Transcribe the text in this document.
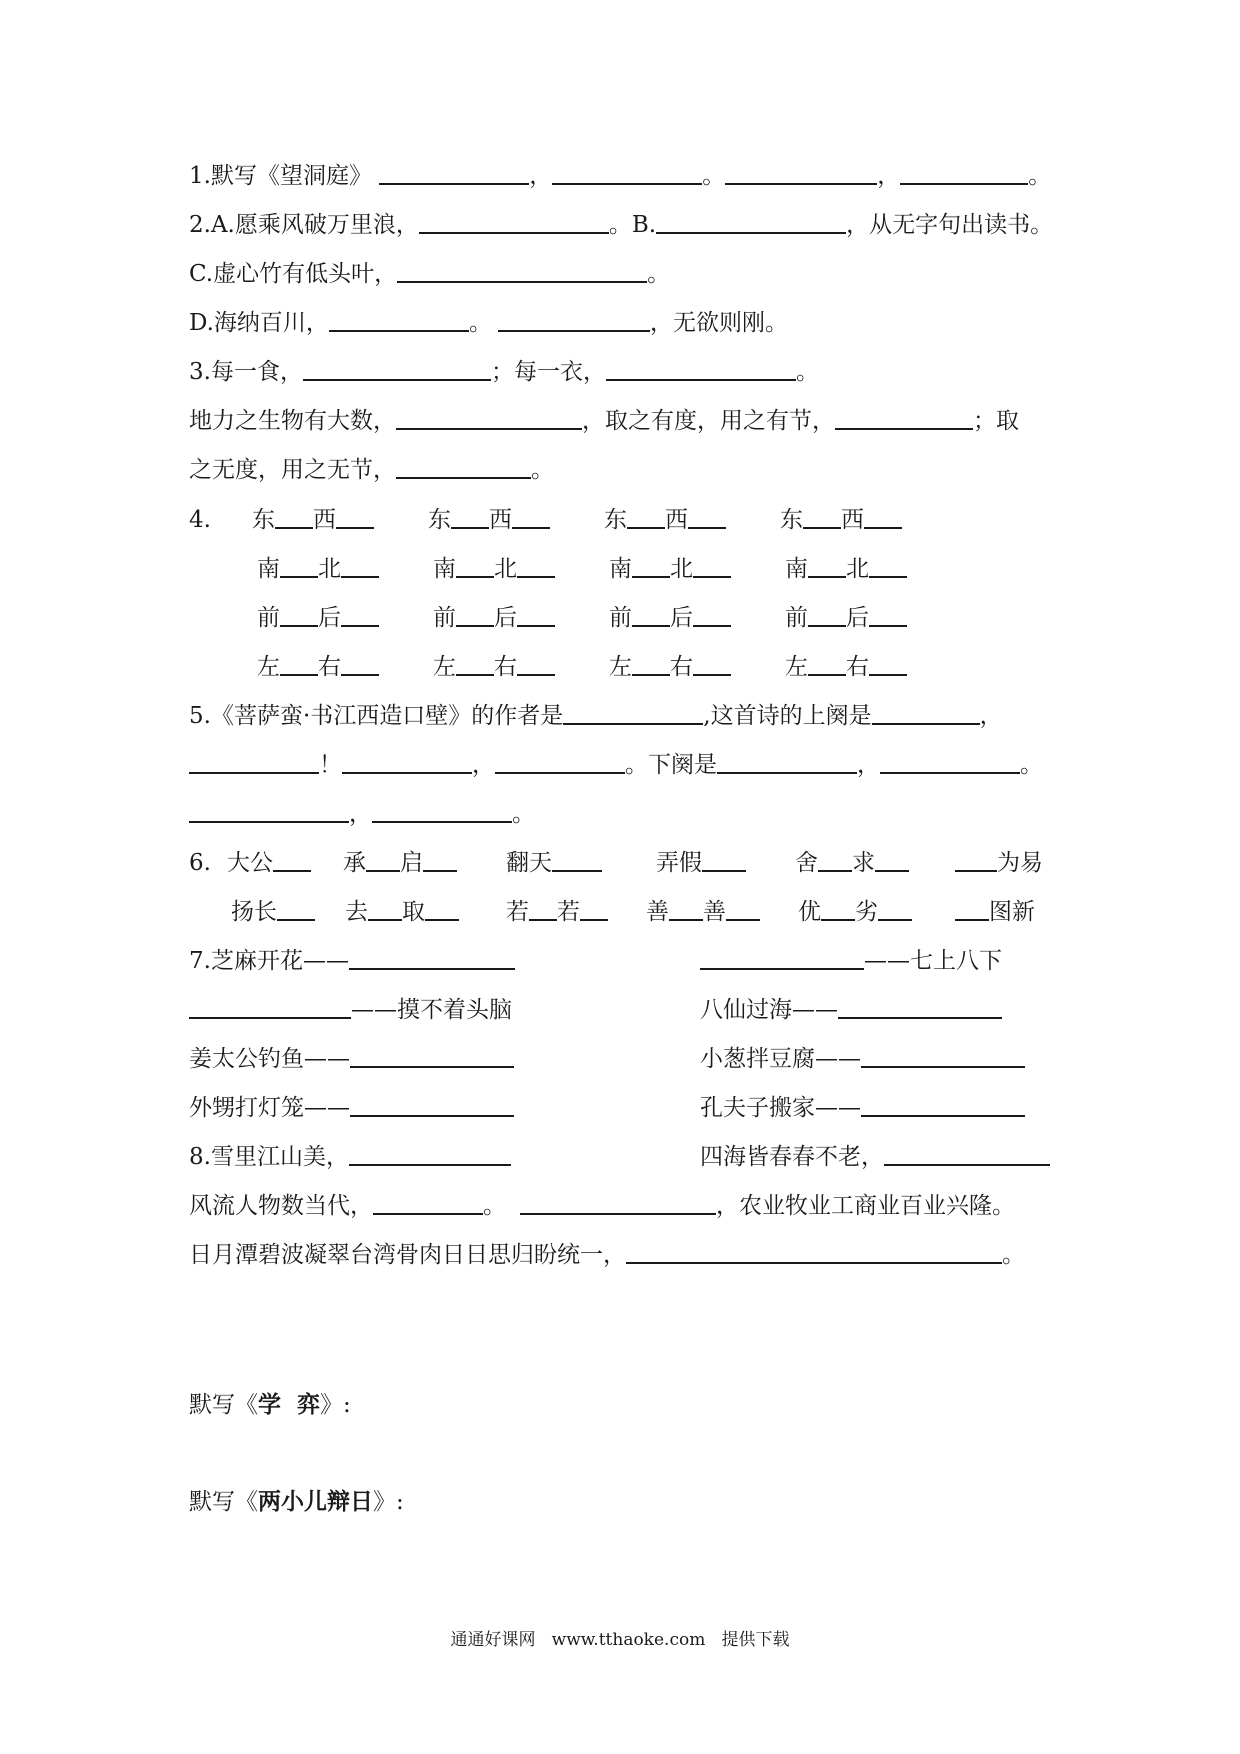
1.默写《望洞庭》	，	。	，	。
2.A.愿乘风破万里浪，	。B.	，从无字句出读书。
C.虚心竹有低头叶，	。
D.海纳百川，	。	，无欲则刚。
3.每一食，	；每一衣，	。
地力之生物有大数，	，取之有度，用之有节，	；取
之无度，用之无节，	。
4. 东 西	东 西	东 西	东 西
南 北	南 北	南 北	南 北
前 后	前 后	前 后	前 后
左 右	左 右	左 右	左 右
5.《菩萨蛮·书江西造口壁》的作者是	,这首诗的上阕是	，
！	，	。下阕是	，	。
，	。
6. 大公	承 启	翻天	弄假	舍 求	为易
扬长	去 取	若 若	善 善	优 劣	图新
7.芝麻开花——	——七上八下
——摸不着头脑	八仙过海——
姜太公钓鱼——	小葱拌豆腐——
外甥打灯笼——	孔夫子搬家——
8.雪里江山美，	四海皆春春不老，
风流人物数当代，	。	，农业牧业工商业百业兴隆。
日月潭碧波凝翠台湾骨肉日日思归盼统一，	。
默写《学  弈》:
默写《两小儿辩日》:
通通好课网   www.tthaoke.com   提供下载
